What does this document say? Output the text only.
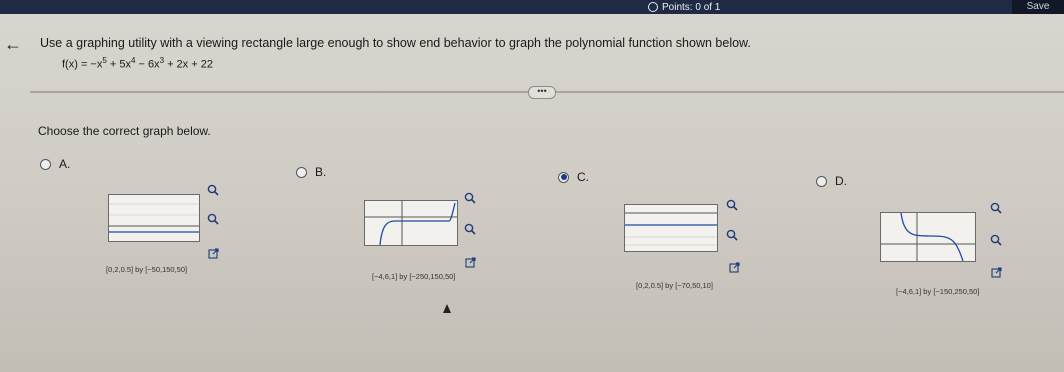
Points: 0 of 1	Save
← Use a graphing utility with a viewing rectangle large enough to show end behavior to graph the polynomial function shown below.
$f(x) = -x^5 + 5x^4 - 6x^3 + 2x + 22$
•••
Choose the correct graph below.
A.
[0,2,0.5] by [−50,150,50]
B.
[−4,6,1] by [−250,150,50]
C.
[0,2,0.5] by [−70,50,10]
D.
[−4,6,1] by [−150,250,50]
